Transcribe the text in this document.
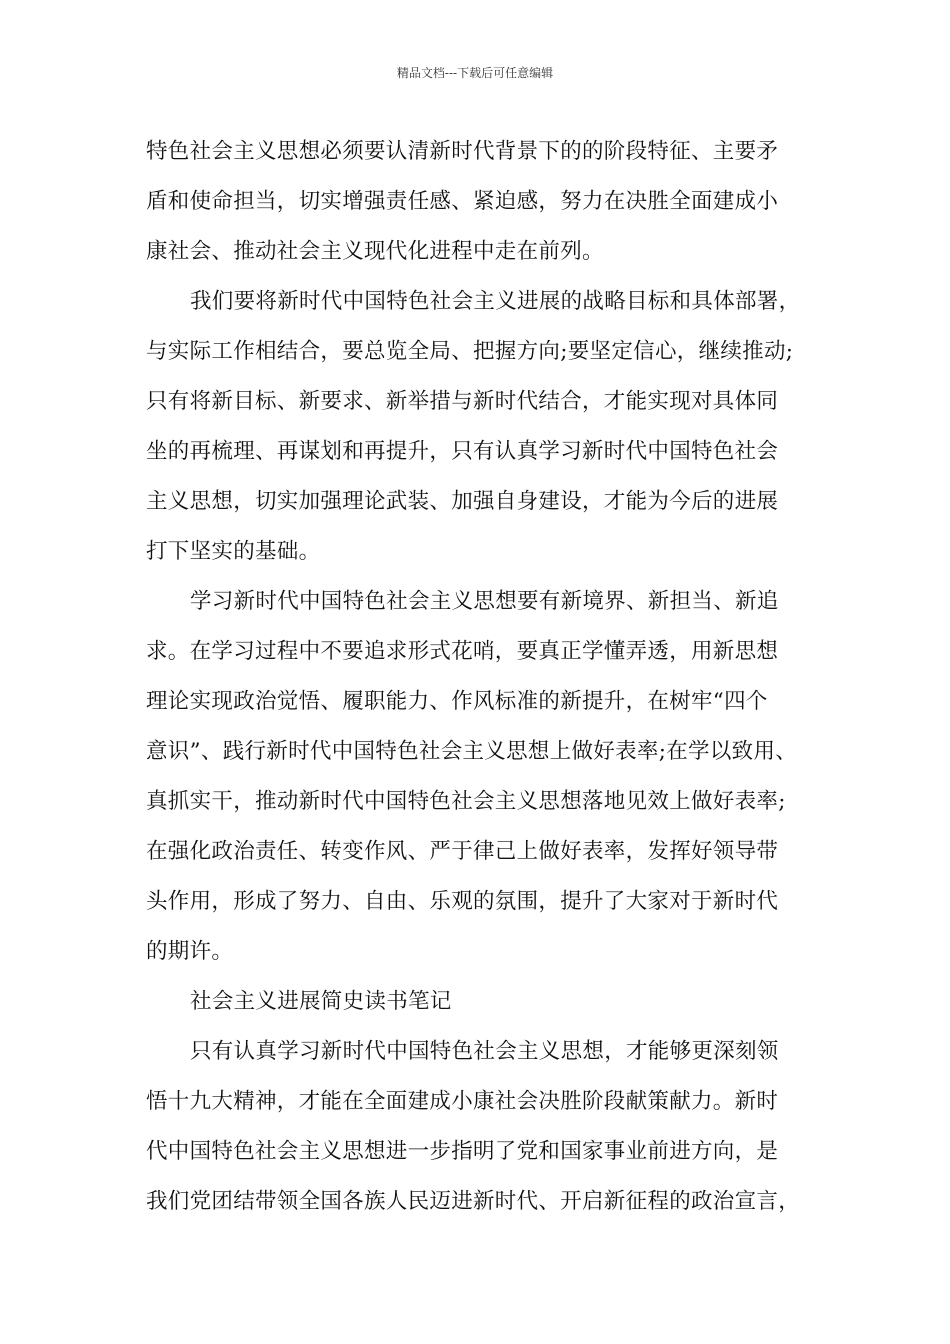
精品文档---下载后可任意编辑
特色社会主义思想必须要认清新时代背景下的的阶段特征、主要矛
盾和使命担当，切实增强责任感、紧迫感，努力在决胜全面建成小
康社会、推动社会主义现代化进程中走在前列。
我们要将新时代中国特色社会主义进展的战略目标和具体部署，
与实际工作相结合，要总览全局、把握方向;要坚定信心，继续推动;
只有将新目标、新要求、新举措与新时代结合，才能实现对具体同
坐的再梳理、再谋划和再提升，只有认真学习新时代中国特色社会
主义思想，切实加强理论武装、加强自身建设，才能为今后的进展
打下坚实的基础。
学习新时代中国特色社会主义思想要有新境界、新担当、新追
求。在学习过程中不要追求形式花哨，要真正学懂弄透，用新思想
理论实现政治觉悟、履职能力、作风标准的新提升，在树牢“四个
意识”、践行新时代中国特色社会主义思想上做好表率;在学以致用、
真抓实干，推动新时代中国特色社会主义思想落地见效上做好表率;
在强化政治责任、转变作风、严于律己上做好表率，发挥好领导带
头作用，形成了努力、自由、乐观的氛围，提升了大家对于新时代
的期许。
社会主义进展简史读书笔记
只有认真学习新时代中国特色社会主义思想，才能够更深刻领
悟十九大精神，才能在全面建成小康社会决胜阶段献策献力。新时
代中国特色社会主义思想进一步指明了党和国家事业前进方向，是
我们党团结带领全国各族人民迈进新时代、开启新征程的政治宣言，
